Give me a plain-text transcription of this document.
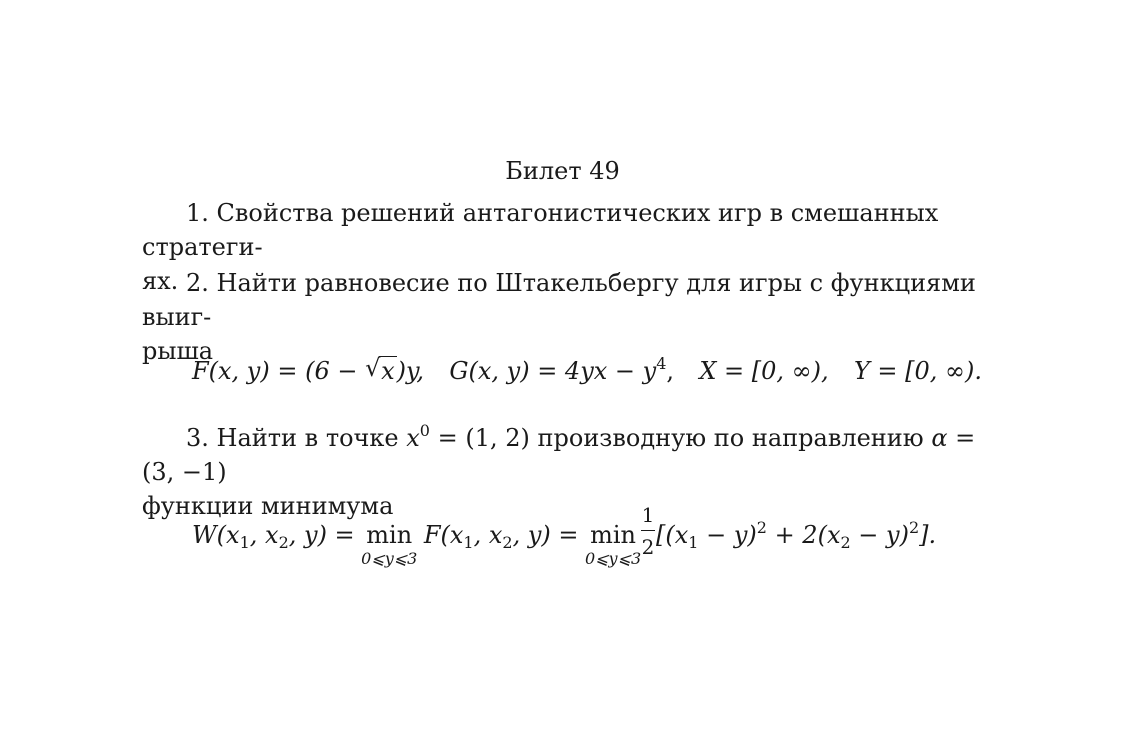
Билет 49
1. Свойства решений антагонистических игр в смешанных стратеги-
ях. 2. Найти равновесие по Штакельбергу для игры с функциями выиг-
рыша
F(x, y) = (6 − √ x)y, G(x, $y) = 4yx - y^4$, X = [0, ∞), Y = [0, ∞).
3. Найти в точке $x^0 = (1$, 2) производную по направлению α = (3, −1)
функции минимума
$W(x_1$, $x_2$, y) = min
0⩽y⩽3
$F(x_1$, $x_2$, y) = min
0⩽y⩽3
$\frac{1}{2} [(x_1 - y)^2 + 2(x_2 - y)^2]$.
